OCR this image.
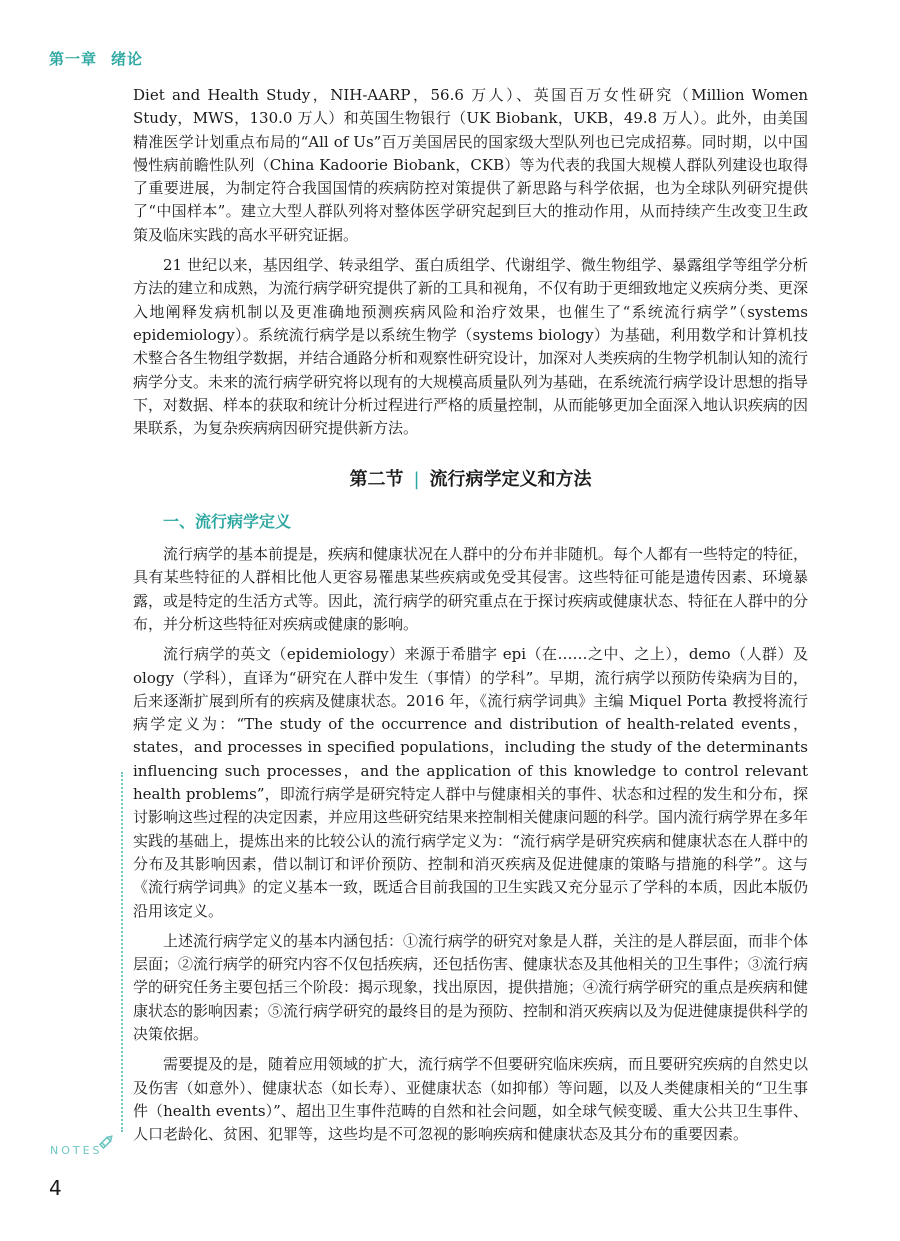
第一章 绪论

Diet and Health Study，NIH-AARP，56.6 万人）、英国百万女性研究（Million Women Study，MWS，130.0 万人）和英国生物银行（UK Biobank，UKB，49.8 万人）。此外，由美国精准医学计划重点布局的“All of Us”百万美国居民的国家级大型队列也已完成招募。同时期，以中国慢性病前瞻性队列（China Kadoorie Biobank，CKB）等为代表的我国大规模人群队列建设也取得了重要进展，为制定符合我国国情的疾病防控对策提供了新思路与科学依据，也为全球队列研究提供了“中国样本”。建立大型人群队列将对整体医学研究起到巨大的推动作用，从而持续产生改变卫生政策及临床实践的高水平研究证据。

21 世纪以来，基因组学、转录组学、蛋白质组学、代谢组学、微生物组学、暴露组学等组学分析方法的建立和成熟，为流行病学研究提供了新的工具和视角，不仅有助于更细致地定义疾病分类、更深入地阐释发病机制以及更准确地预测疾病风险和治疗效果，也催生了“系统流行病学”（systems epidemiology）。系统流行病学是以系统生物学（systems biology）为基础，利用数学和计算机技术整合各生物组学数据，并结合通路分析和观察性研究设计，加深对人类疾病的生物学机制认知的流行病学分支。未来的流行病学研究将以现有的大规模高质量队列为基础，在系统流行病学设计思想的指导下，对数据、样本的获取和统计分析过程进行严格的质量控制，从而能够更加全面深入地认识疾病的因果联系，为复杂疾病病因研究提供新方法。

第二节 | 流行病学定义和方法
一、流行病学定义

流行病学的基本前提是，疾病和健康状况在人群中的分布并非随机。每个人都有一些特定的特征，具有某些特征的人群相比他人更容易罹患某些疾病或免受其侵害。这些特征可能是遗传因素、环境暴露，或是特定的生活方式等。因此，流行病学的研究重点在于探讨疾病或健康状态、特征在人群中的分布，并分析这些特征对疾病或健康的影响。

流行病学的英文（epidemiology）来源于希腊字 epi（在……之中、之上），demo（人群）及 ology（学科），直译为“研究在人群中发生（事情）的学科”。早期，流行病学以预防传染病为目的，后来逐渐扩展到所有的疾病及健康状态。2016 年，《流行病学词典》主编 Miquel Porta 教授将流行病学定义为：“The study of the occurrence and distribution of health-related events，states，and processes in specified populations，including the study of the determinants influencing such processes，and the application of this knowledge to control relevant health problems”，即流行病学是研究特定人群中与健康相关的事件、状态和过程的发生和分布，探讨影响这些过程的决定因素，并应用这些研究结果来控制相关健康问题的科学。国内流行病学界在多年实践的基础上，提炼出来的比较公认的流行病学定义为：“流行病学是研究疾病和健康状态在人群中的分布及其影响因素，借以制订和评价预防、控制和消灭疾病及促进健康的策略与措施的科学”。这与《流行病学词典》的定义基本一致，既适合目前我国的卫生实践又充分显示了学科的本质，因此本版仍沿用该定义。

上述流行病学定义的基本内涵包括：①流行病学的研究对象是人群，关注的是人群层面，而非个体层面；②流行病学的研究内容不仅包括疾病，还包括伤害、健康状态及其他相关的卫生事件；③流行病学的研究任务主要包括三个阶段：揭示现象，找出原因，提供措施；④流行病学研究的重点是疾病和健康状态的影响因素；⑤流行病学研究的最终目的是为预防、控制和消灭疾病以及为促进健康提供科学的决策依据。

需要提及的是，随着应用领域的扩大，流行病学不但要研究临床疾病，而且要研究疾病的自然史以及伤害（如意外）、健康状态（如长寿）、亚健康状态（如抑郁）等问题，以及人类健康相关的“卫生事件（health events）”、超出卫生事件范畴的自然和社会问题，如全球气候变暖、重大公共卫生事件、人口老龄化、贫困、犯罪等，这些均是不可忽视的影响疾病和健康状态及其分布的重要因素。

NOTES
4
